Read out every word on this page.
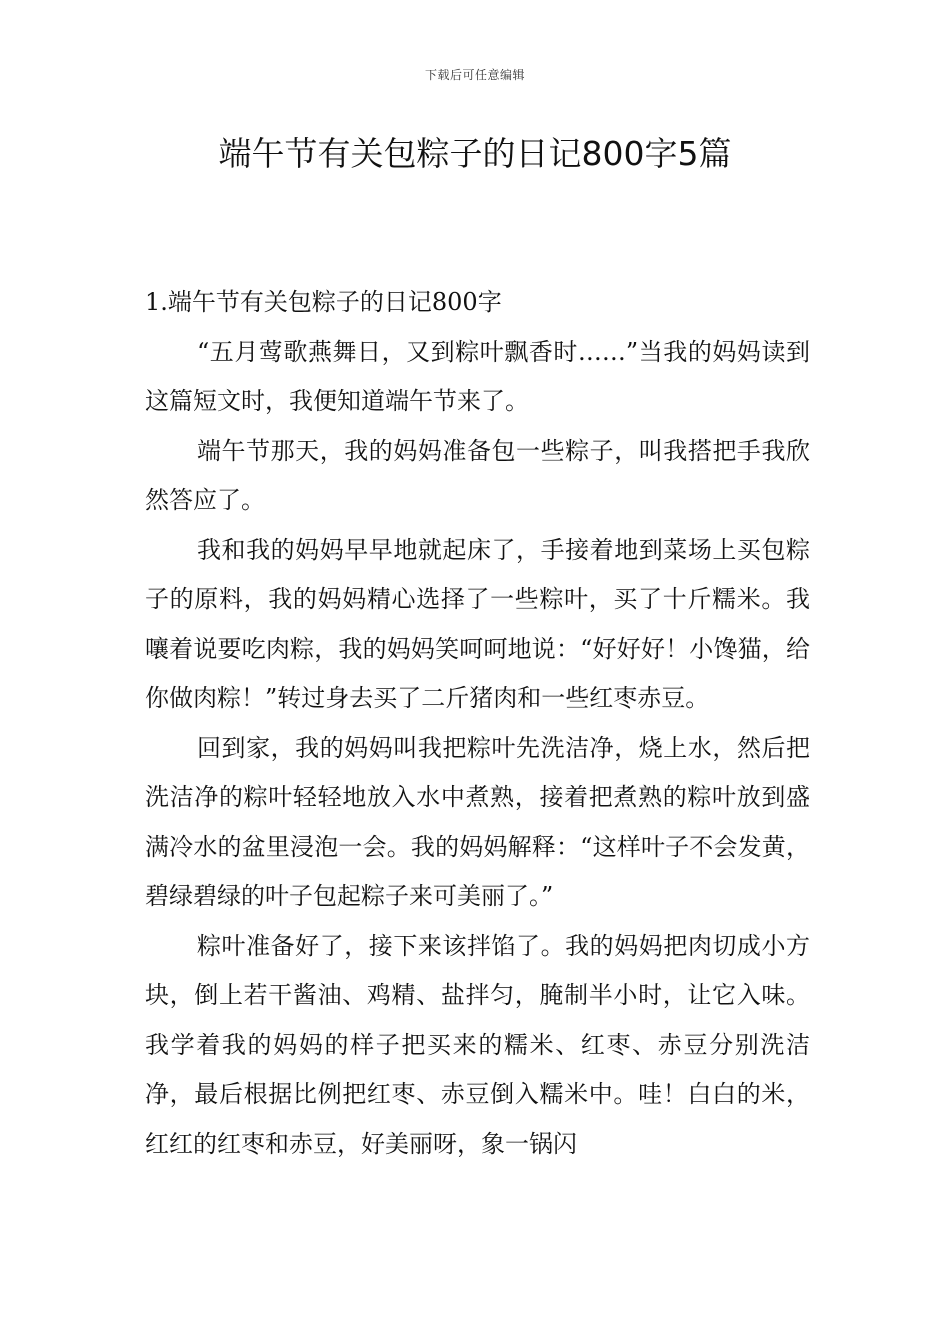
下载后可任意编辑
端午节有关包粽子的日记800字5篇

1.端午节有关包粽子的日记800字

“五月莺歌燕舞日，又到粽叶飘香时……”当我的妈妈读到这篇短文时，我便知道端午节来了。

端午节那天，我的妈妈准备包一些粽子，叫我搭把手我欣然答应了。

我和我的妈妈早早地就起床了，手接着地到菜场上买包粽子的原料，我的妈妈精心选择了一些粽叶，买了十斤糯米。我嚷着说要吃肉粽，我的妈妈笑呵呵地说：“好好好！小馋猫，给你做肉粽！”转过身去买了二斤猪肉和一些红枣赤豆。

回到家，我的妈妈叫我把粽叶先洗洁净，烧上水，然后把洗洁净的粽叶轻轻地放入水中煮熟，接着把煮熟的粽叶放到盛满冷水的盆里浸泡一会。我的妈妈解释：“这样叶子不会发黄，碧绿碧绿的叶子包起粽子来可美丽了。”

粽叶准备好了，接下来该拌馅了。我的妈妈把肉切成小方块，倒上若干酱油、鸡精、盐拌匀，腌制半小时，让它入味。我学着我的妈妈的样子把买来的糯米、红枣、赤豆分别洗洁净，最后根据比例把红枣、赤豆倒入糯米中。哇！白白的米，红红的红枣和赤豆，好美丽呀，象一锅闪
